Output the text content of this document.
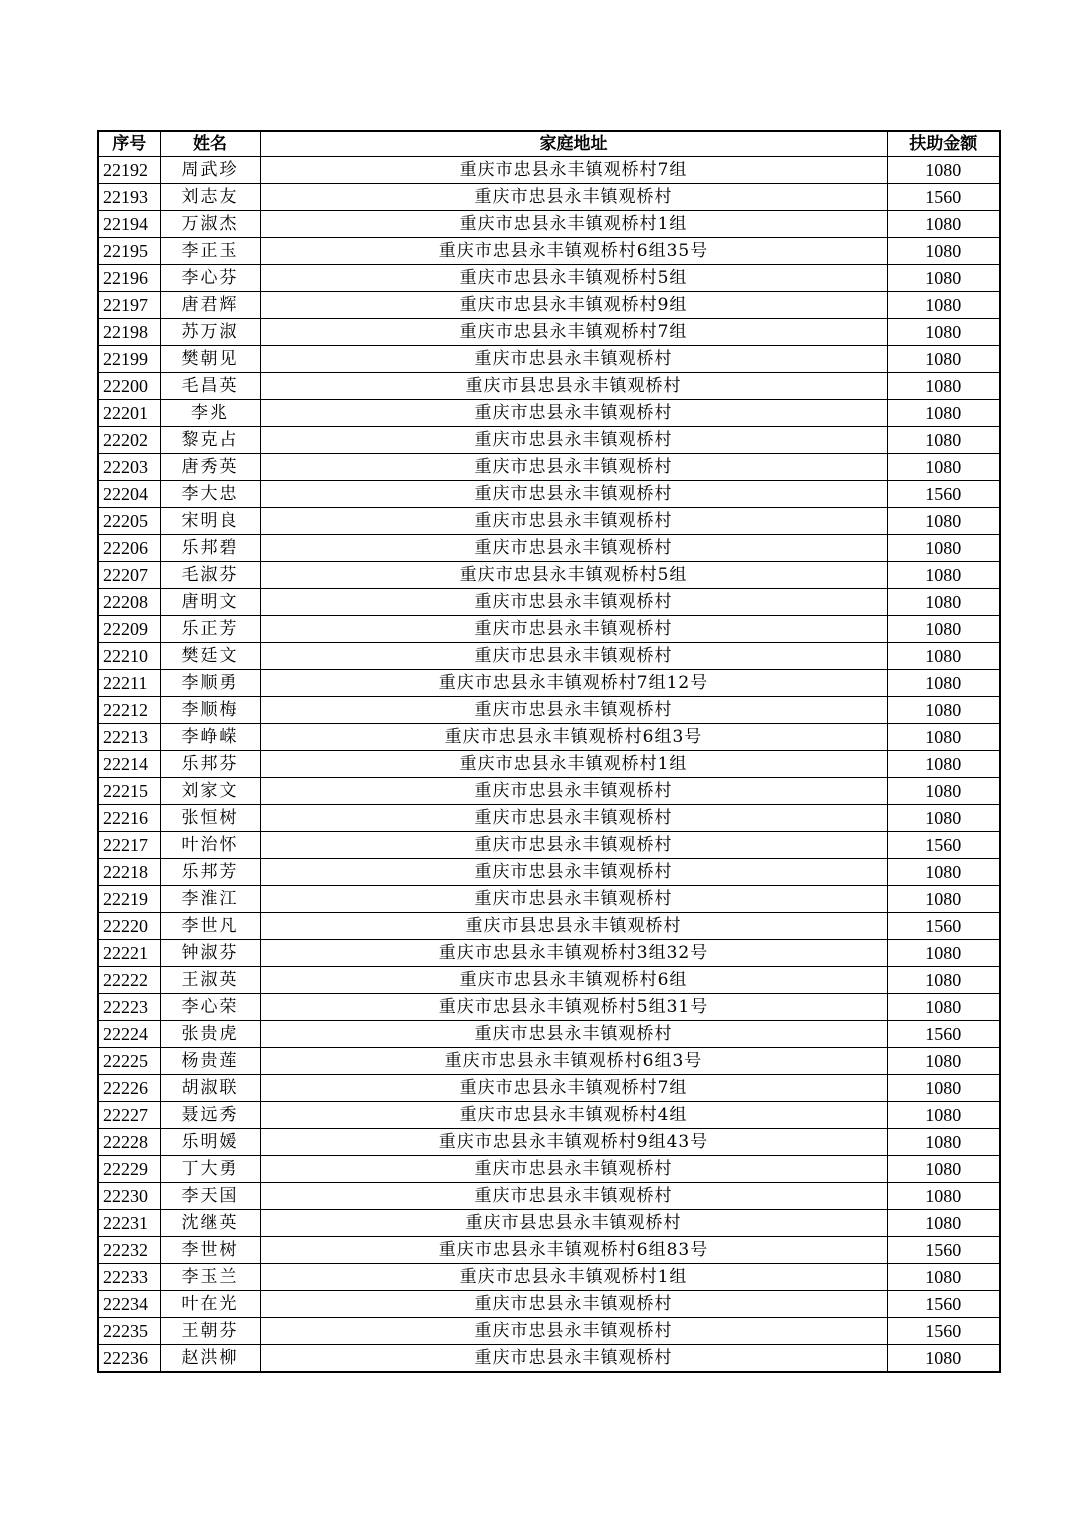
序号	姓名	家庭地址	扶助金额
22192	周武珍	重庆市忠县永丰镇观桥村7组	1080
22193	刘志友	重庆市忠县永丰镇观桥村	1560
22194	万淑杰	重庆市忠县永丰镇观桥村1组	1080
22195	李正玉	重庆市忠县永丰镇观桥村6组35号	1080
22196	李心芬	重庆市忠县永丰镇观桥村5组	1080
22197	唐君辉	重庆市忠县永丰镇观桥村9组	1080
22198	苏万淑	重庆市忠县永丰镇观桥村7组	1080
22199	樊朝见	重庆市忠县永丰镇观桥村	1080
22200	毛昌英	重庆市县忠县永丰镇观桥村	1080
22201	李兆	重庆市忠县永丰镇观桥村	1080
22202	黎克占	重庆市忠县永丰镇观桥村	1080
22203	唐秀英	重庆市忠县永丰镇观桥村	1080
22204	李大忠	重庆市忠县永丰镇观桥村	1560
22205	宋明良	重庆市忠县永丰镇观桥村	1080
22206	乐邦碧	重庆市忠县永丰镇观桥村	1080
22207	毛淑芬	重庆市忠县永丰镇观桥村5组	1080
22208	唐明文	重庆市忠县永丰镇观桥村	1080
22209	乐正芳	重庆市忠县永丰镇观桥村	1080
22210	樊廷文	重庆市忠县永丰镇观桥村	1080
22211	李顺勇	重庆市忠县永丰镇观桥村7组12号	1080
22212	李顺梅	重庆市忠县永丰镇观桥村	1080
22213	李峥嵘	重庆市忠县永丰镇观桥村6组3号	1080
22214	乐邦芬	重庆市忠县永丰镇观桥村1组	1080
22215	刘家文	重庆市忠县永丰镇观桥村	1080
22216	张恒树	重庆市忠县永丰镇观桥村	1080
22217	叶治怀	重庆市忠县永丰镇观桥村	1560
22218	乐邦芳	重庆市忠县永丰镇观桥村	1080
22219	李淮江	重庆市忠县永丰镇观桥村	1080
22220	李世凡	重庆市县忠县永丰镇观桥村	1560
22221	钟淑芬	重庆市忠县永丰镇观桥村3组32号	1080
22222	王淑英	重庆市忠县永丰镇观桥村6组	1080
22223	李心荣	重庆市忠县永丰镇观桥村5组31号	1080
22224	张贵虎	重庆市忠县永丰镇观桥村	1560
22225	杨贵莲	重庆市忠县永丰镇观桥村6组3号	1080
22226	胡淑联	重庆市忠县永丰镇观桥村7组	1080
22227	聂远秀	重庆市忠县永丰镇观桥村4组	1080
22228	乐明媛	重庆市忠县永丰镇观桥村9组43号	1080
22229	丁大勇	重庆市忠县永丰镇观桥村	1080
22230	李天国	重庆市忠县永丰镇观桥村	1080
22231	沈继英	重庆市县忠县永丰镇观桥村	1080
22232	李世树	重庆市忠县永丰镇观桥村6组83号	1560
22233	李玉兰	重庆市忠县永丰镇观桥村1组	1080
22234	叶在光	重庆市忠县永丰镇观桥村	1560
22235	王朝芬	重庆市忠县永丰镇观桥村	1560
22236	赵洪柳	重庆市忠县永丰镇观桥村	1080
